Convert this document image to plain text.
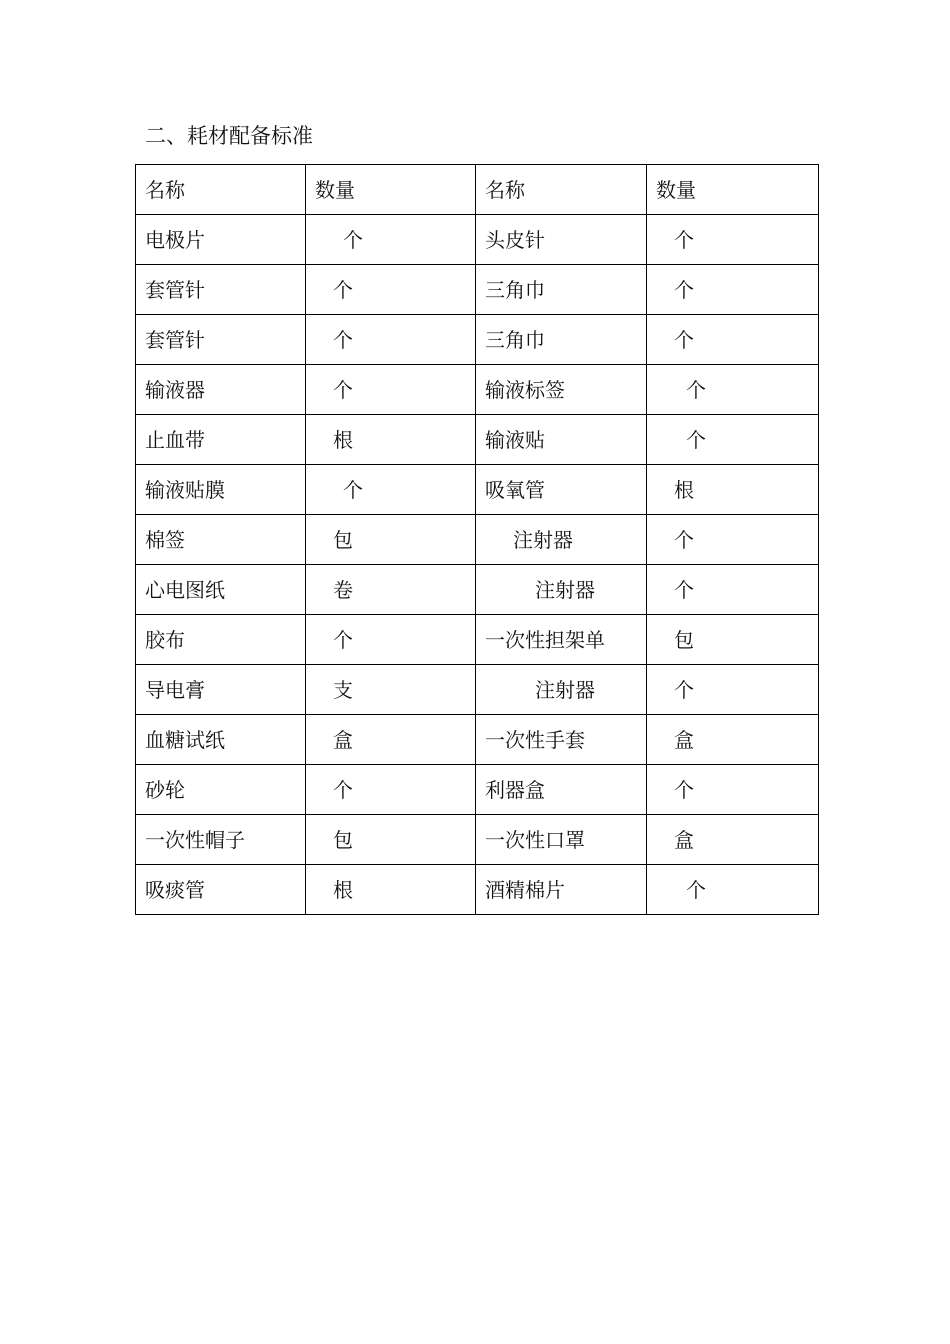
二、耗材配备标准
名称	数量	名称	数量
电极片	个	头皮针	个
套管针	个	三角巾	个
套管针	个	三角巾	个
输液器	个	输液标签	个
止血带	根	输液贴	个
输液贴膜	个	吸氧管	根
棉签	包	注射器	个
心电图纸	卷	注射器	个
胶布	个	一次性担架单	包
导电膏	支	注射器	个
血糖试纸	盒	一次性手套	盒
砂轮	个	利器盒	个
一次性帽子	包	一次性口罩	盒
吸痰管	根	酒精棉片	个
